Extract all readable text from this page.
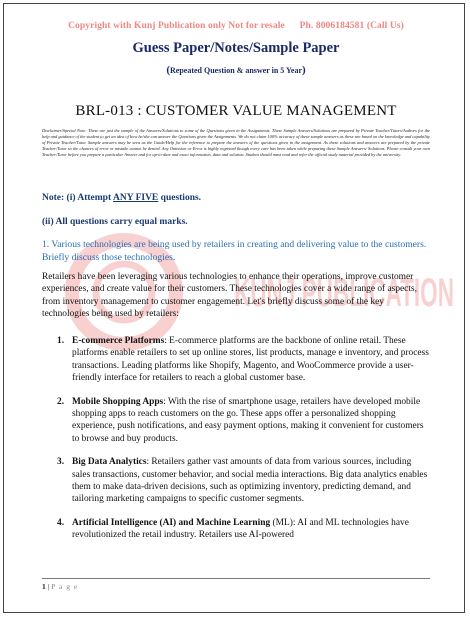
KUNJ PUBLICATION
Copyright with Kunj Publication only Not for resale Ph. 8006184581 (Call Us)
Guess Paper/Notes/Sample Paper
(Repeated Question & answer in 5 Year)
BRL-013 : CUSTOMER VALUE MANAGEMENT
Disclaimer/Special Note: These are just the sample of the Answers/Solutions to some of the Questions given in the Assignments. These Sample Answers/Solutions are prepared by Private Teacher/Tutors/Authors for the help and guidance of the student to get an idea of how he/she can answer the Questions given the Assignments. We do not claim 100% accuracy of these sample answers as these are based on the knowledge and capability of Private Teacher/Tutor. Sample answers may be seen as the Guide/Help for the reference to prepare the answers of the questions given in the assignment. As these solutions and answers are prepared by the private Teacher/Tutor so the chances of error or mistake cannot be denied. Any Omission or Error is highly regretted though every care has been taken while preparing these Sample Answers/ Solutions. Please consult your own Teacher/Tutor before you prepare a particular Answer and for up-to-date and exact information, data and solution. Student should must read and refer the official study material provided by the university.
Note: (i) Attempt ANY FIVE questions.
(ii) All questions carry equal marks.
1. Various technologies are being used by retailers in creating and delivering value to the customers. Briefly discuss those technologies.
Retailers have been leveraging various technologies to enhance their operations, improve customer experiences, and create value for their customers. These technologies cover a wide range of aspects, from inventory management to customer engagement. Let's briefly discuss some of the key technologies being used by retailers:
1. E-commerce Platforms: E-commerce platforms are the backbone of online retail. These platforms enable retailers to set up online stores, list products, manage e inventory, and process transactions. Leading platforms like Shopify, Magento, and WooCommerce provide a user-friendly interface for retailers to reach a global customer base.
2. Mobile Shopping Apps: With the rise of smartphone usage, retailers have developed mobile shopping apps to reach customers on the go. These apps offer a personalized shopping experience, push notifications, and easy payment options, making it convenient for customers to browse and buy products.
3. Big Data Analytics: Retailers gather vast amounts of data from various sources, including sales transactions, customer behavior, and social media interactions. Big data analytics enables them to make data-driven decisions, such as optimizing inventory, predicting demand, and tailoring marketing campaigns to specific customer segments.
4. Artificial Intelligence (AI) and Machine Learning (ML): AI and ML technologies have revolutionized the retail industry. Retailers use AI-powered
1 | P a g e
